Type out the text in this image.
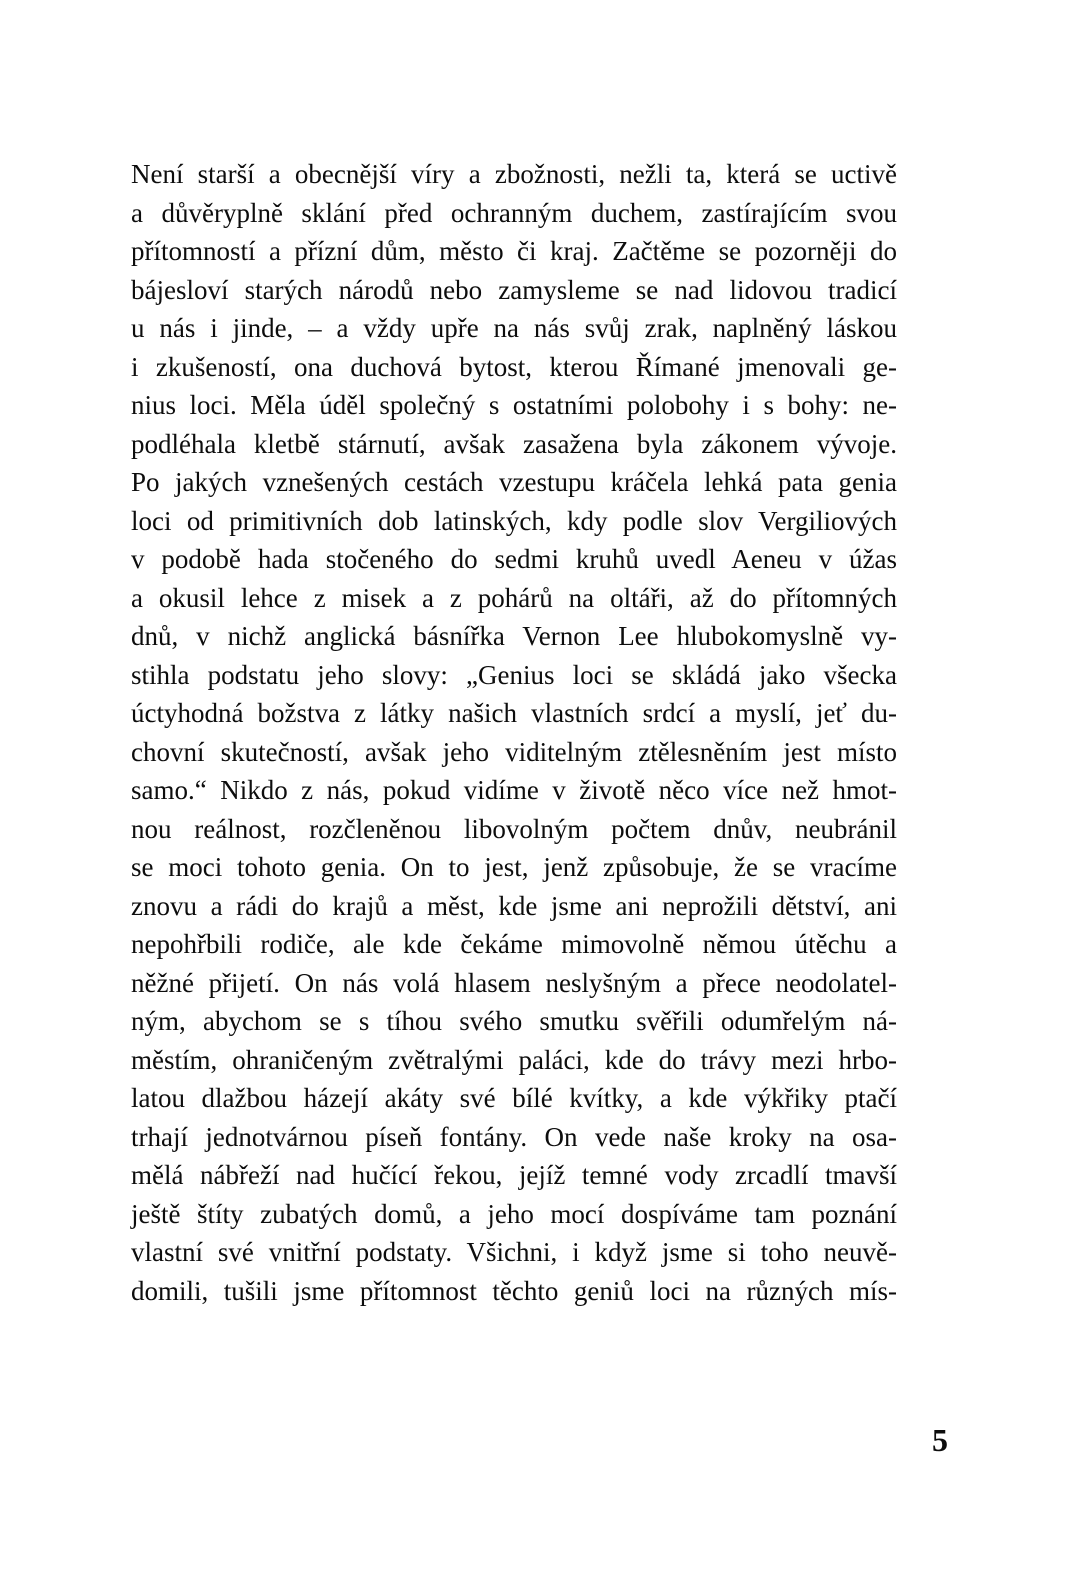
Není starší a obecnější víry a zbožnosti, nežli ta, která se uctivě
a důvěryplně sklání před ochranným duchem, zastírajícím svou
přítomností a přízní dům, město či kraj. Začtěme se pozorněji do
bájesloví starých národů nebo zamysleme se nad lidovou tradicí
u nás i jinde, – a vždy upře na nás svůj zrak, naplněný láskou
i zkušeností, ona duchová bytost, kterou Římané jmenovali ge-
nius loci. Měla úděl společný s ostatními polobohy i s bohy: ne-
podléhala kletbě stárnutí, avšak zasažena byla zákonem vývoje.
Po jakých vznešených cestách vzestupu kráčela lehká pata genia
loci od primitivních dob latinských, kdy podle slov Vergiliových
v podobě hada stočeného do sedmi kruhů uvedl Aeneu v úžas
a okusil lehce z misek a z pohárů na oltáři, až do přítomných
dnů, v nichž anglická básnířka Vernon Lee hlubokomyslně vy-
stihla podstatu jeho slovy: „Genius loci se skládá jako všecka
úctyhodná božstva z látky našich vlastních srdcí a myslí, jeť du-
chovní skutečností, avšak jeho viditelným ztělesněním jest místo
samo.“ Nikdo z nás, pokud vidíme v životě něco více než hmot-
nou reálnost, rozčleněnou libovolným počtem dnův, neubránil
se moci tohoto genia. On to jest, jenž způsobuje, že se vracíme
znovu a rádi do krajů a měst, kde jsme ani neprožili dětství, ani
nepohřbili rodiče, ale kde čekáme mimovolně němou útěchu a
něžné přijetí. On nás volá hlasem neslyšným a přece neodolatel-
ným, abychom se s tíhou svého smutku svěřili odumřelým ná-
městím, ohraničeným zvětralými paláci, kde do trávy mezi hrbo-
latou dlažbou házejí akáty své bílé kvítky, a kde výkřiky ptačí
trhají jednotvárnou píseň fontány. On vede naše kroky na osa-
mělá nábřeží nad hučící řekou, jejíž temné vody zrcadlí tmavší
ještě štíty zubatých domů, a jeho mocí dospíváme tam poznání
vlastní své vnitřní podstaty. Všichni, i když jsme si toho neuvě-
domili, tušili jsme přítomnost těchto geniů loci na různých mís-
5
